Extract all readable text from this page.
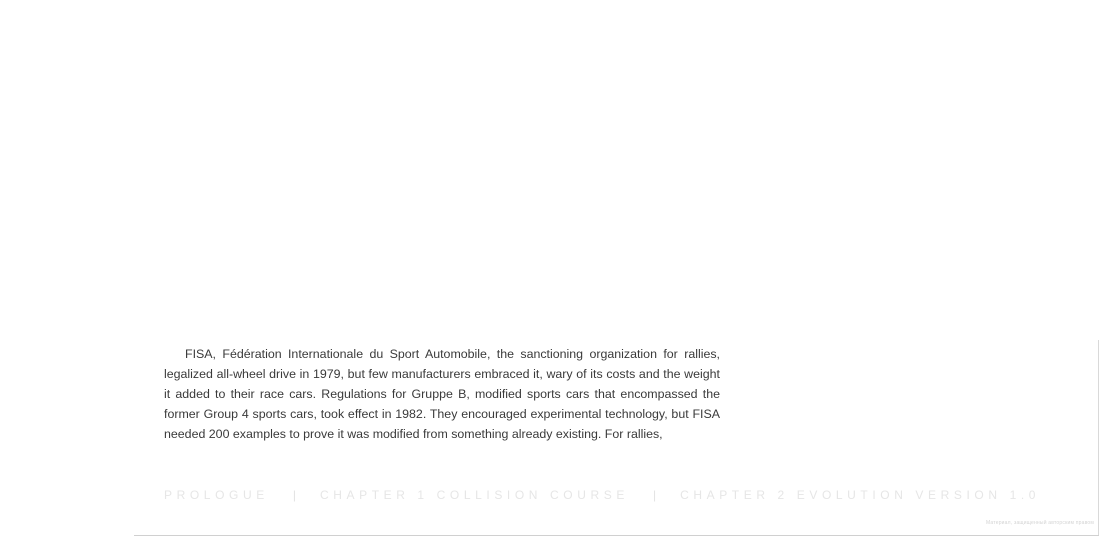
FISA, Fédération Internationale du Sport Automobile, the sanctioning organization for rallies, legalized all-wheel drive in 1979, but few manufacturers embraced it, wary of its costs and the weight it added to their race cars. Regulations for Gruppe B, modified sports cars that encompassed the former Group 4 sports cars, took effect in 1982. They encouraged experimental technology, but FISA needed 200 examples to prove it was modified from something already existing. For rallies,

PROLOGUE | CHAPTER 1 COLLISION COURSE | CHAPTER 2 EVOLUTION VERSION 1.0
Материал, защищенный авторским правом
